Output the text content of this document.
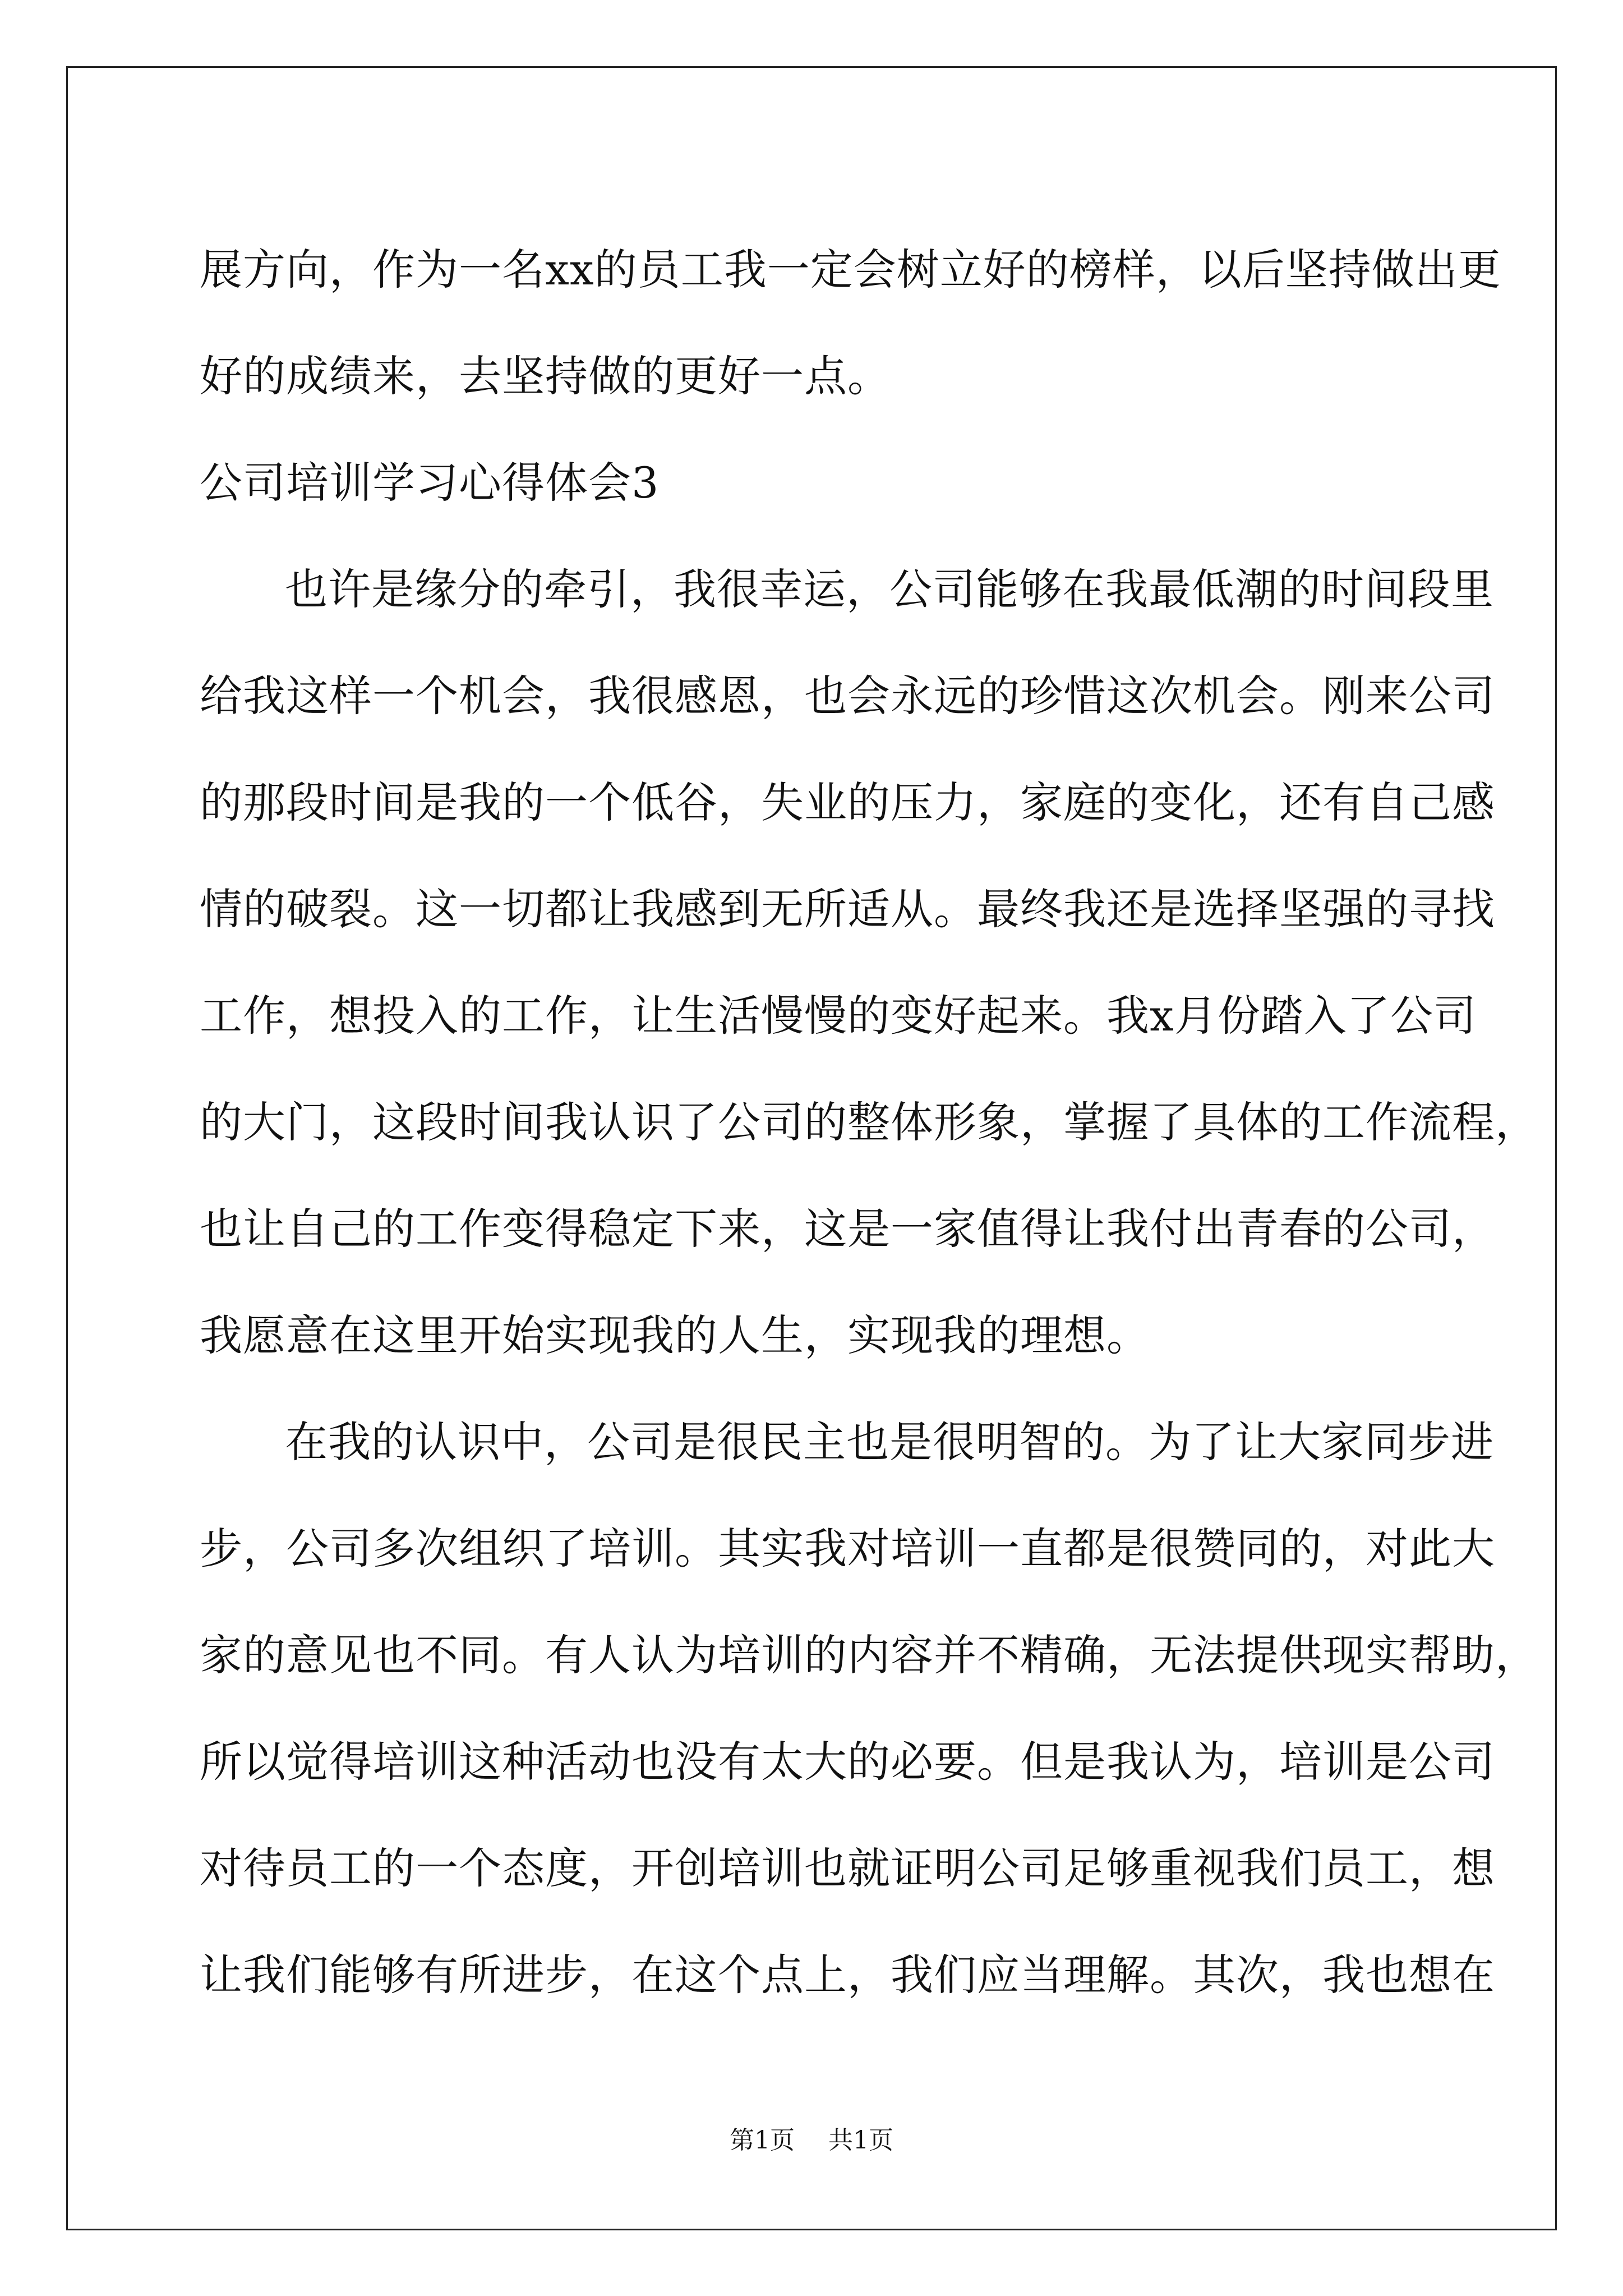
展方向，作为一名xx的员工我一定会树立好的榜样，以后坚持做出更
好的成绩来，去坚持做的更好一点。
公司培训学习心得体会3
也许是缘分的牵引，我很幸运，公司能够在我最低潮的时间段里
给我这样一个机会，我很感恩，也会永远的珍惜这次机会。刚来公司
的那段时间是我的一个低谷，失业的压力，家庭的变化，还有自己感
情的破裂。这一切都让我感到无所适从。最终我还是选择坚强的寻找
工作，想投入的工作，让生活慢慢的变好起来。我x月份踏入了公司
的大门，这段时间我认识了公司的整体形象，掌握了具体的工作流程，
也让自己的工作变得稳定下来，这是一家值得让我付出青春的公司，
我愿意在这里开始实现我的人生，实现我的理想。
在我的认识中，公司是很民主也是很明智的。为了让大家同步进
步，公司多次组织了培训。其实我对培训一直都是很赞同的，对此大
家的意见也不同。有人认为培训的内容并不精确，无法提供现实帮助，
所以觉得培训这种活动也没有太大的必要。但是我认为，培训是公司
对待员工的一个态度，开创培训也就证明公司足够重视我们员工，想
让我们能够有所进步，在这个点上，我们应当理解。其次，我也想在
第1页 共1页
